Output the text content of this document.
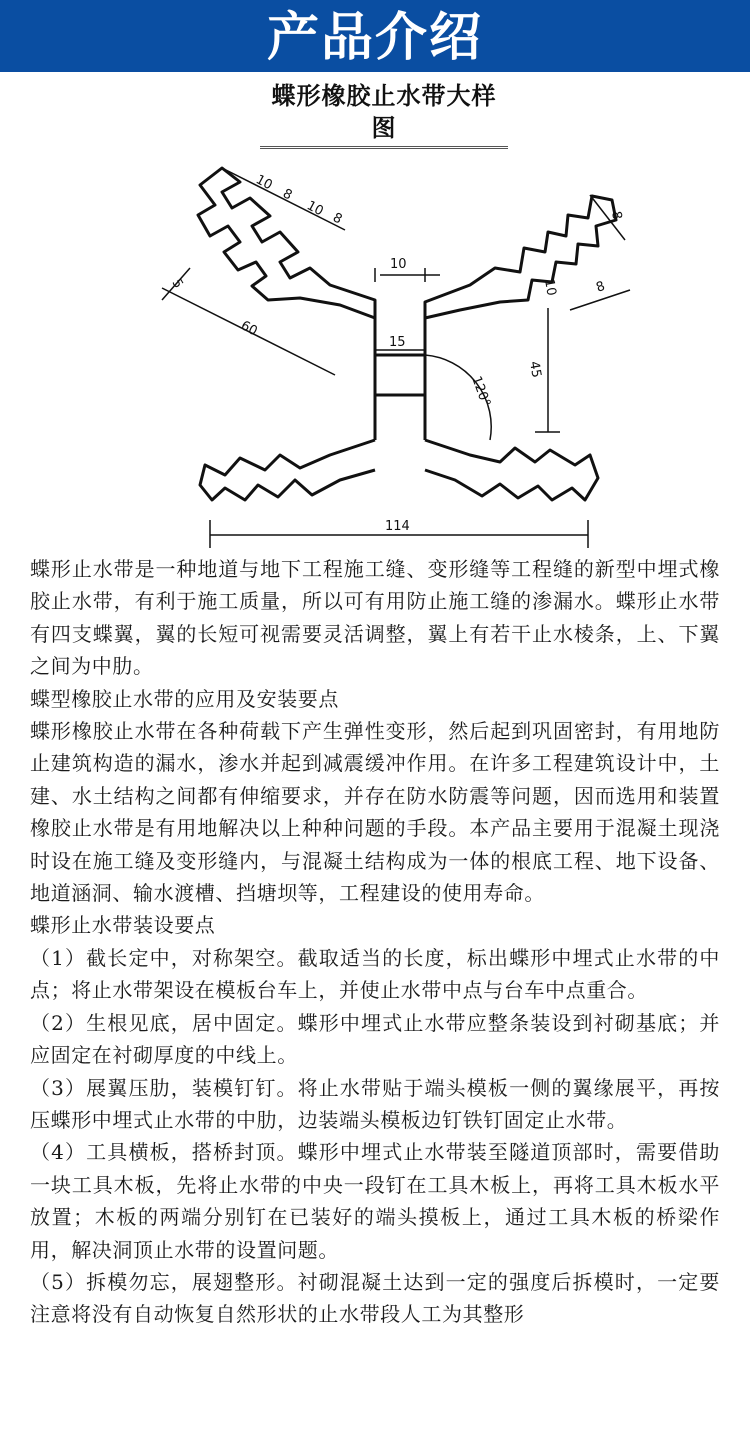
产品介绍
蝶形橡胶止水带大样图
10
8
10 8	8
10
5
60
15
120°
10	8
45
114

蝶形止水带是一种地道与地下工程施工缝、变形缝等工程缝的新型中埋式橡胶止水带，有利于施工质量，所以可有用防止施工缝的渗漏水。蝶形止水带有四支蝶翼，翼的长短可视需要灵活调整，翼上有若干止水棱条，上、下翼之间为中肋。

蝶型橡胶止水带的应用及安装要点

蝶形橡胶止水带在各种荷载下产生弹性变形，然后起到巩固密封，有用地防止建筑构造的漏水，渗水并起到减震缓冲作用。在许多工程建筑设计中，土建、水土结构之间都有伸缩要求，并存在防水防震等问题，因而选用和装置橡胶止水带是有用地解决以上种种问题的手段。本产品主要用于混凝土现浇时设在施工缝及变形缝内，与混凝土结构成为一体的根底工程、地下设备、地道涵洞、输水渡槽、挡塘坝等，工程建设的使用寿命。

蝶形止水带装设要点

（1）截长定中，对称架空。截取适当的长度，标出蝶形中埋式止水带的中点；将止水带架设在模板台车上，并使止水带中点与台车中点重合。

（2）生根见底，居中固定。蝶形中埋式止水带应整条装设到衬砌基底；并应固定在衬砌厚度的中线上。

（3）展翼压肋，装模钉钉。将止水带贴于端头模板一侧的翼缘展平，再按压蝶形中埋式止水带的中肋，边装端头模板边钉铁钉固定止水带。

（4）工具横板，搭桥封顶。蝶形中埋式止水带装至隧道顶部时，需要借助一块工具木板，先将止水带的中央一段钉在工具木板上，再将工具木板水平放置；木板的两端分别钉在已装好的端头摸板上，通过工具木板的桥梁作用，解决洞顶止水带的设置问题。

（5）拆模勿忘，展翅整形。衬砌混凝土达到一定的强度后拆模时，一定要注意将没有自动恢复自然形状的止水带段人工为其整形
